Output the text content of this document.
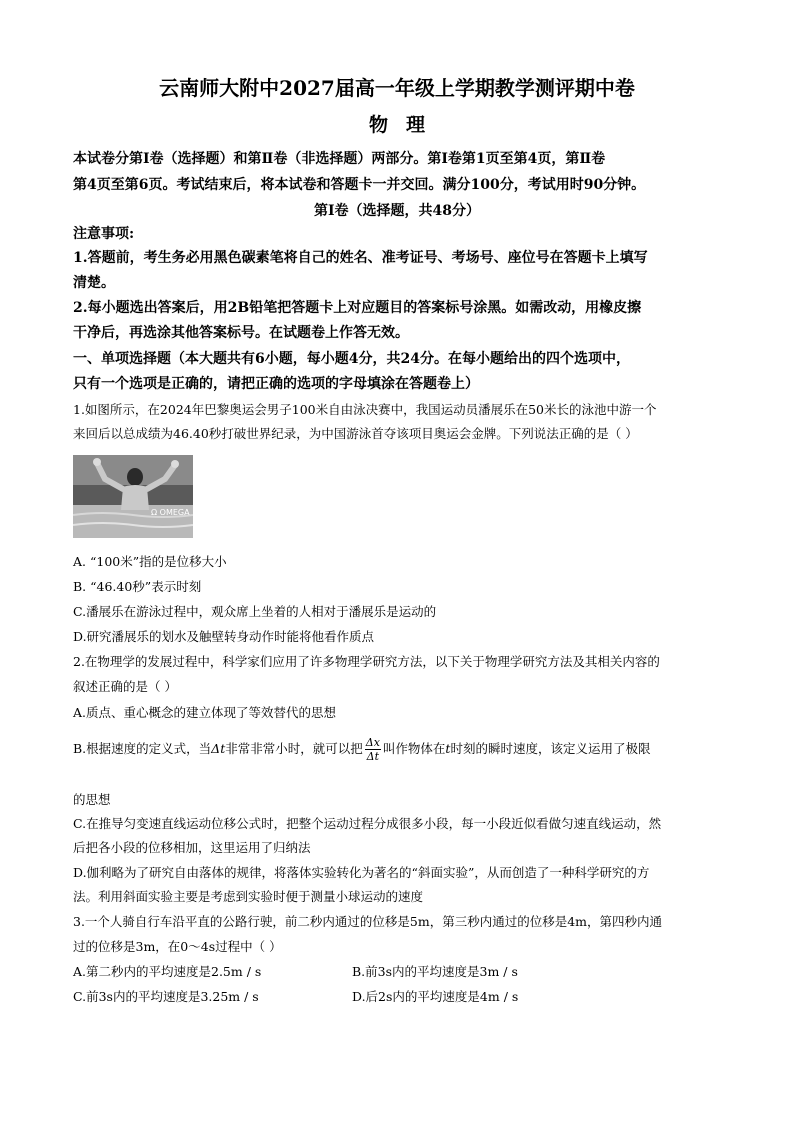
云南师大附中2027届高一年级上学期教学测评期中卷
物理
本试卷分第Ⅰ卷（选择题）和第Ⅱ卷（非选择题）两部分。第Ⅰ卷第1页至第4页，第Ⅱ卷
第4页至第6页。考试结束后，将本试卷和答题卡一并交回。满分100分，考试用时90分钟。
第Ⅰ卷（选择题，共48分）
注意事项:
1.答题前，考生务必用黑色碳素笔将自己的姓名、准考证号、考场号、座位号在答题卡上填写
清楚。
2.每小题选出答案后，用2B铅笔把答题卡上对应题目的答案标号涂黑。如需改动，用橡皮擦
干净后，再选涂其他答案标号。在试题卷上作答无效。
一、单项选择题（本大题共有6小题，每小题4分，共24分。在每小题给出的四个选项中，
只有一个选项是正确的，请把正确的选项的字母填涂在答题卷上）
1.如图所示，在2024年巴黎奥运会男子100米自由泳决赛中，我国运动员潘展乐在50米长的泳池中游一个
来回后以总成绩为46.40秒打破世界纪录，为中国游泳首夺该项目奥运会金牌。下列说法正确的是（ ）
Ω OMEGA
A. “100米”指的是位移大小
B. “46.40秒”表示时刻
C.潘展乐在游泳过程中，观众席上坐着的人相对于潘展乐是运动的
D.研究潘展乐的划水及触壁转身动作时能将他看作质点
2.在物理学的发展过程中，科学家们应用了许多物理学研究方法，以下关于物理学研究方法及其相关内容的
叙述正确的是（ ）
A.质点、重心概念的建立体现了等效替代的思想
B.根据速度的定义式，当Δt非常非常小时，就可以把 $\frac{\Delta x}{\Delta t}$ 叫作物体在t时刻的瞬时速度，该定义运用了极限
的思想
C.在推导匀变速直线运动位移公式时，把整个运动过程分成很多小段，每一小段近似看做匀速直线运动，然
后把各小段的位移相加，这里运用了归纳法
D.伽利略为了研究自由落体的规律，将落体实验转化为著名的“斜面实验”，从而创造了一种科学研究的方
法。利用斜面实验主要是考虑到实验时便于测量小球运动的速度
3.一个人骑自行车沿平直的公路行驶，前二秒内通过的位移是5m，第三秒内通过的位移是4m，第四秒内通
过的位移是3m，在0～4s过程中（ ）
A.第二秒内的平均速度是2.5m / s	B.前3s内的平均速度是3m / s
C.前3s内的平均速度是3.25m / s	D.后2s内的平均速度是4m / s
